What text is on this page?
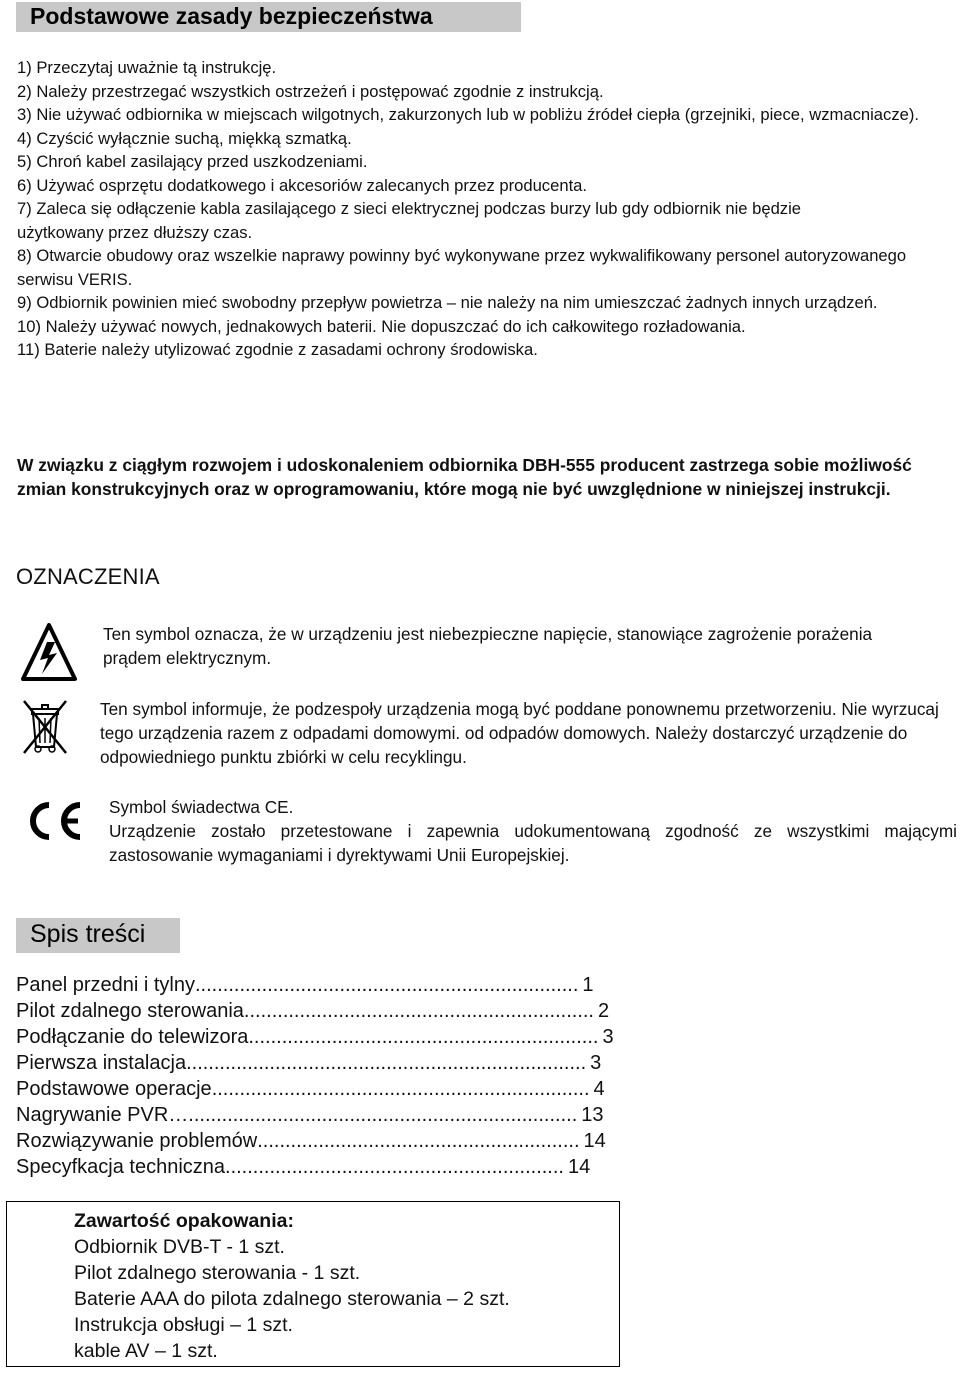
Podstawowe zasady bezpieczeństwa
1) Przeczytaj uważnie tą instrukcję.
2) Należy przestrzegać wszystkich ostrzeżeń i postępować zgodnie z instrukcją.
3) Nie używać odbiornika w miejscach wilgotnych, zakurzonych lub w pobliżu źródeł ciepła (grzejniki, piece, wzmacniacze).
4) Czyścić wyłącznie suchą, miękką szmatką.
5) Chroń kabel zasilający przed uszkodzeniami.
6) Używać osprzętu dodatkowego i akcesoriów zalecanych przez producenta.
7) Zaleca się odłączenie kabla zasilającego z sieci elektrycznej podczas burzy lub gdy odbiornik nie będzie
użytkowany przez dłuższy czas.
8) Otwarcie obudowy oraz wszelkie naprawy powinny być wykonywane przez wykwalifikowany personel autoryzowanego serwisu VERIS.
9) Odbiornik powinien mieć swobodny przepływ powietrza – nie należy na nim umieszczać żadnych innych urządzeń.
10) Należy używać nowych, jednakowych baterii. Nie dopuszczać do ich całkowitego rozładowania.
11) Baterie należy utylizować zgodnie z zasadami ochrony środowiska.
W związku z ciągłym rozwojem i udoskonaleniem odbiornika DBH-555 producent zastrzega sobie możliwość zmian konstrukcyjnych oraz w oprogramowaniu, które mogą nie być uwzględnione w niniejszej instrukcji.
OZNACZENIA
Ten symbol oznacza, że w urządzeniu jest niebezpieczne napięcie, stanowiące zagrożenie porażenia prądem elektrycznym.
Ten symbol informuje, że podzespoły urządzenia mogą być poddane ponownemu przetworzeniu. Nie wyrzucaj tego urządzenia razem z odpadami domowymi. od odpadów domowych. Należy dostarczyć urządzenie do odpowiedniego punktu zbiórki w celu recyklingu.
Symbol świadectwa CE.
Urządzenie zostało przetestowane i zapewnia udokumentowaną zgodność ze wszystkimi mającymi zastosowanie wymaganiami i dyrektywami Unii Europejskiej.
Spis treści
Panel przedni i tylny ..................................................................... 1
Pilot zdalnego sterowania ............................................................... 2
Podłączanie do telewizora ............................................................... 3
Pierwsza instalacja ........................................................................ 3
Podstawowe operacje .................................................................... 4
Nagrywanie PVR… ...................................................................... 13
Rozwiązywanie problemów .......................................................... 14
Specyfkacja techniczna ............................................................. 14
Zawartość opakowania:
Odbiornik DVB-T - 1 szt.
Pilot zdalnego sterowania - 1 szt.
Baterie AAA do pilota zdalnego sterowania – 2 szt.
Instrukcja obsługi – 1 szt.
kable AV – 1 szt.
